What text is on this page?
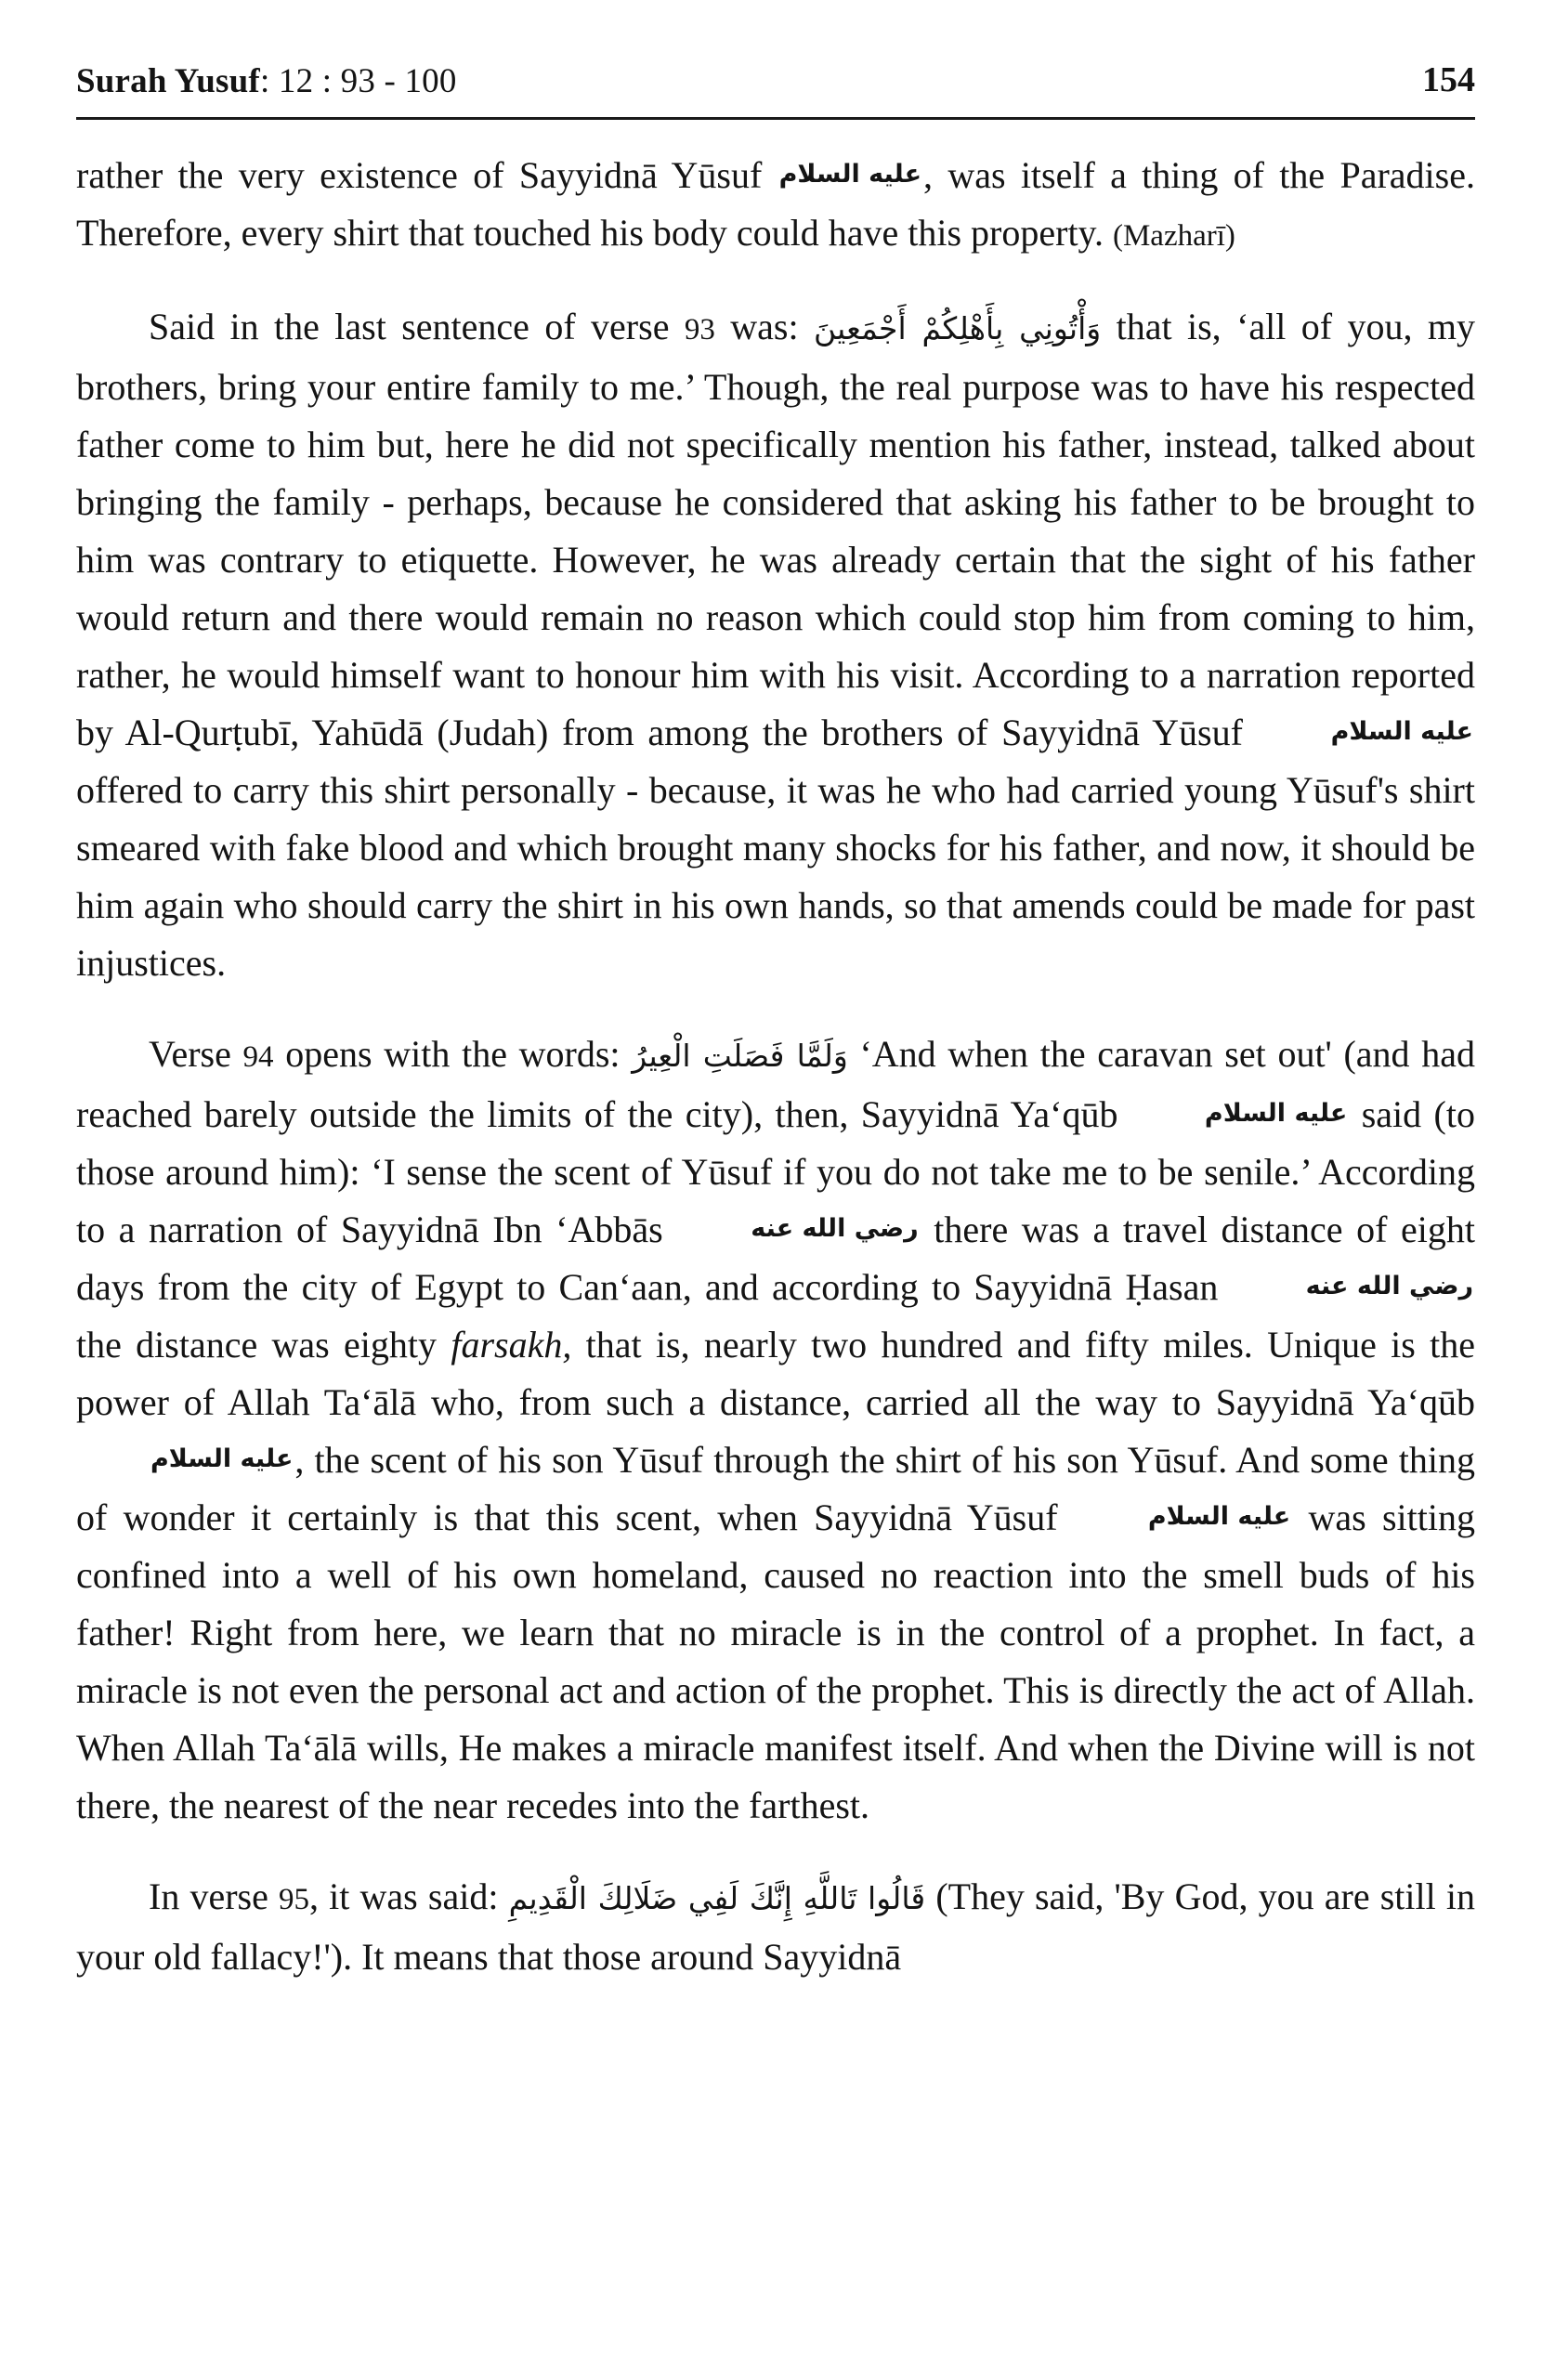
Surah Yusuf: 12 : 93 - 100	154

rather the very existence of Sayyidnā Yūsuf عليه السلام, was itself a thing of the Paradise. Therefore, every shirt that touched his body could have this property. (Mazharī)

Said in the last sentence of verse 93 was: وَأْتُونِي بِأَهْلِكُمْ أَجْمَعِينَ that is, ‘all of you, my brothers, bring your entire family to me.’ Though, the real purpose was to have his respected father come to him but, here he did not specifically mention his father, instead, talked about bringing the family - perhaps, because he considered that asking his father to be brought to him was contrary to etiquette. However, he was already certain that the sight of his father would return and there would remain no reason which could stop him from coming to him, rather, he would himself want to honour him with his visit. According to a narration reported by Al-Qurṭubī, Yahūdā (Judah) from among the brothers of Sayyidnā Yūsuf	عليه السلام offered to carry this shirt personally - because, it was he who had carried young Yūsuf's shirt smeared with fake blood and which brought many shocks for his father, and now, it should be him again who should carry the shirt in his own hands, so that amends could be made for past injustices.

Verse 94 opens with the words: وَلَمَّا فَصَلَتِ الْعِيرُ ‘And when the caravan set out' (and had reached barely outside the limits of the city), then, Sayyidnā Ya‘qūb	عليه السلام said (to those around him): ‘I sense the scent of Yūsuf if you do not take me to be senile.’ According to a narration of Sayyidnā Ibn ‘Abbās	رضي الله عنه there was a travel distance of eight days from the city of Egypt to Can‘aan, and according to Sayyidnā Ḥasan	رضي الله عنه the distance was eighty farsakh, that is, nearly two hundred and fifty miles. Unique is the power of Allah Ta‘ālā who, from such a distance, carried all the way to Sayyidnā Ya‘qūb عليه السلام, the scent of his son Yūsuf through the shirt of his son Yūsuf. And some thing of wonder it certainly is that this scent, when Sayyidnā Yūsuf	عليه السلام was sitting confined into a well of his own homeland, caused no reaction into the smell buds of his father! Right from here, we learn that no miracle is in the control of a prophet. In fact, a miracle is not even the personal act and action of the prophet. This is directly the act of Allah. When Allah Ta‘ālā wills, He makes a miracle manifest itself. And when the Divine will is not there, the nearest of the near recedes into the farthest.

In verse 95, it was said: قَالُوا تَاللَّهِ إِنَّكَ لَفِي ضَلَالِكَ الْقَدِيمِ (They said, 'By God, you are still in your old fallacy!'). It means that those around Sayyidnā
